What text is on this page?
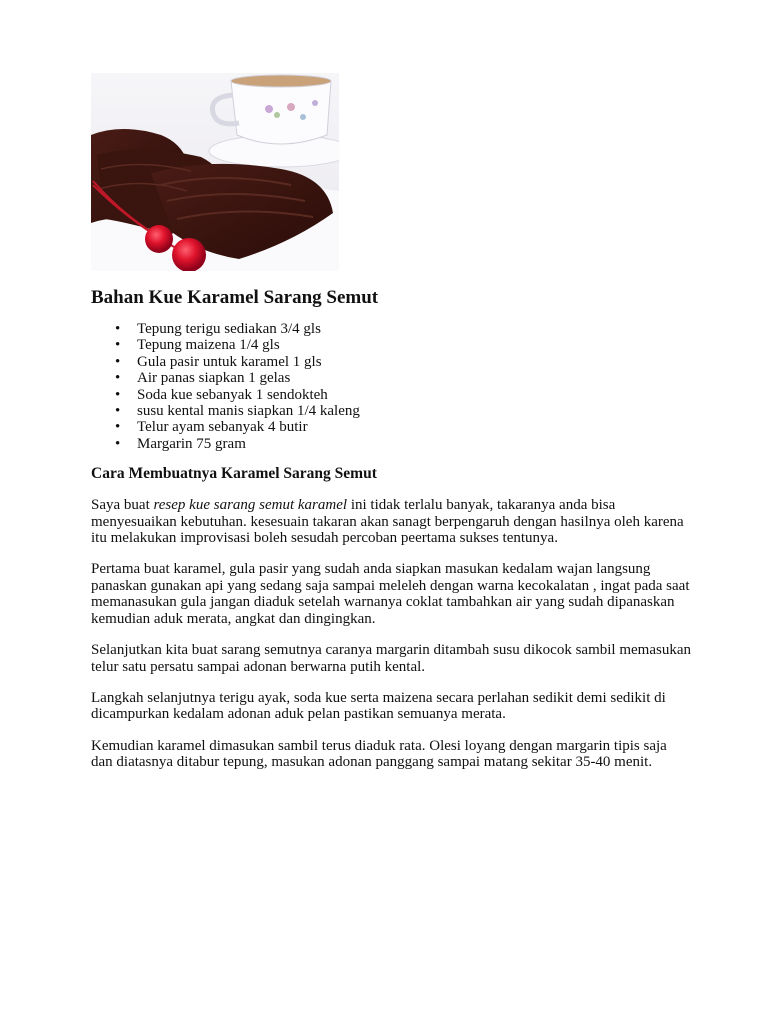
Bahan Kue Karamel Sarang Semut
• Tepung terigu sediakan 3/4 gls
• Tepung maizena 1/4 gls
• Gula pasir untuk karamel 1 gls
• Air panas siapkan 1 gelas
• Soda kue sebanyak 1 sendokteh
• susu kental manis siapkan 1/4 kaleng
• Telur ayam sebanyak 4 butir
• Margarin 75 gram
Cara Membuatnya Karamel Sarang Semut

Saya buat resep kue sarang semut karamel ini tidak terlalu banyak, takaranya anda bisa menyesuaikan kebutuhan. kesesuain takaran akan sanagt berpengaruh dengan hasilnya oleh karena itu melakukan improvisasi boleh sesudah percoban peertama sukses tentunya.

Pertama buat karamel, gula pasir yang sudah anda siapkan masukan kedalam wajan langsung panaskan gunakan api yang sedang saja sampai meleleh dengan warna kecokalatan , ingat pada saat memanasukan gula jangan diaduk setelah warnanya coklat tambahkan air yang sudah dipanaskan kemudian aduk merata, angkat dan dingingkan.

Selanjutkan kita buat sarang semutnya caranya margarin ditambah susu dikocok sambil memasukan telur satu persatu sampai adonan berwarna putih kental.

Langkah selanjutnya terigu ayak, soda kue serta maizena secara perlahan sedikit demi sedikit di dicampurkan kedalam adonan aduk pelan pastikan semuanya merata.

Kemudian karamel dimasukan sambil terus diaduk rata. Olesi loyang dengan margarin tipis saja dan diatasnya ditabur tepung, masukan adonan panggang sampai matang sekitar 35-40 menit.
